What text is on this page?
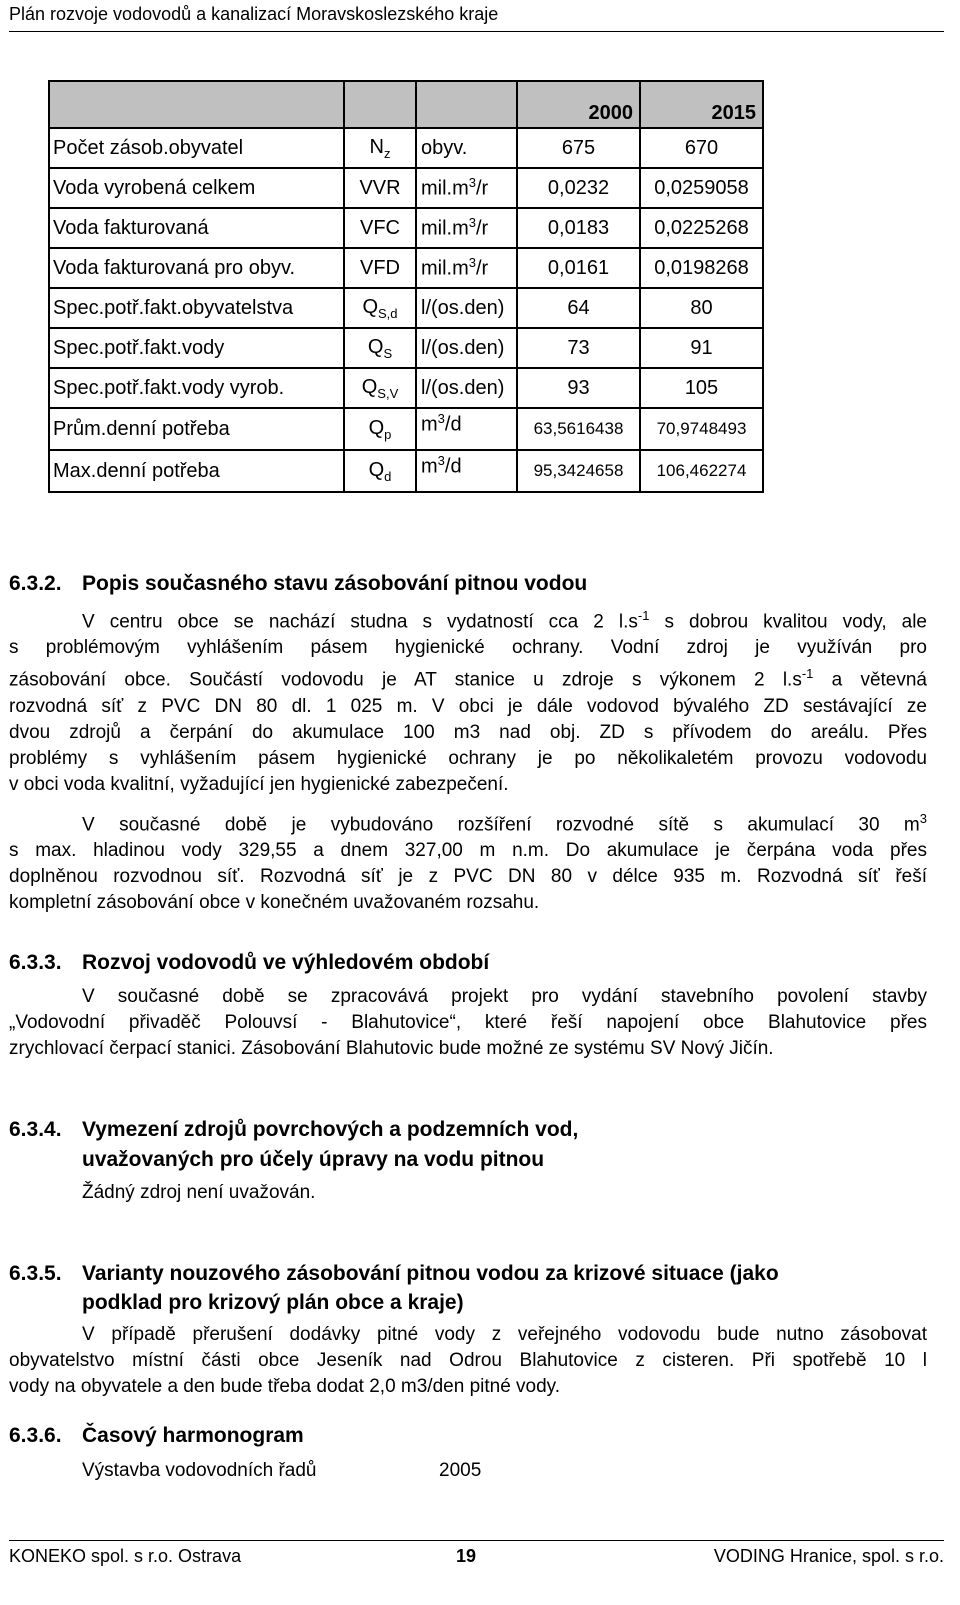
Plán rozvoje vodovodů a kanalizací Moravskoslezského kraje
			2000	2015
Počet zásob.obyvatel	$N_z$	obyv.	675	670
Voda vyrobená celkem	VVR	$mil.m^3/r$	0,0232	0,0259058
Voda fakturovaná	VFC	$mil.m^3/r$	0,0183	0,0225268
Voda fakturovaná pro obyv.	VFD	$mil.m^3/r$	0,0161	0,0198268
Spec.potř.fakt.obyvatelstva	$Q_{S,d}$	l/(os.den)	64	80
Spec.potř.fakt.vody	$Q_S$	l/(os.den)	73	91
Spec.potř.fakt.vody vyrob.	$Q_{S,V}$	l/(os.den)	93	105
Prům.denní potřeba	$Q_p$	$m^3/d$	63,5616438	70,9748493
Max.denní potřeba	$Q_d$	$m^3/d$	95,3424658	106,462274
6.3.2. Popis současného stavu zásobování pitnou vodou
V centru obce se nachází studna s vydatností cca 2 $l.s^{-1}$ s dobrou kvalitou vody, ale
s problémovým vyhlášením pásem hygienické ochrany. Vodní zdroj je využíván pro
zásobování obce. Součástí vodovodu je AT stanice u zdroje s výkonem 2 $l.s^{-1}$ a větevná
rozvodná síť z PVC DN 80 dl. 1 025 m. V obci je dále vodovod bývalého ZD sestávající ze
dvou zdrojů a čerpání do akumulace 100 m3 nad obj. ZD s přívodem do areálu. Přes
problémy s vyhlášením pásem hygienické ochrany je po několikaletém provozu vodovodu
v obci voda kvalitní, vyžadující jen hygienické zabezpečení.
V současné době je vybudováno rozšíření rozvodné sítě s akumulací 30 $m^3$
s max. hladinou vody 329,55 a dnem 327,00 m n.m. Do akumulace je čerpána voda přes
doplněnou rozvodnou síť. Rozvodná síť je z PVC DN 80 v délce 935 m. Rozvodná síť řeší
kompletní zásobování obce v konečném uvažovaném rozsahu.
6.3.3. Rozvoj vodovodů ve výhledovém období
V současné době se zpracovává projekt pro vydání stavebního povolení stavby
„Vodovodní přivaděč Polouvsí - Blahutovice“, které řeší napojení obce Blahutovice přes
zrychlovací čerpací stanici. Zásobování Blahutovic bude možné ze systému SV Nový Jičín.
6.3.4. Vymezení zdrojů povrchových a podzemních vod,
uvažovaných pro účely úpravy na vodu pitnou
Žádný zdroj není uvažován.
6.3.5. Varianty nouzového zásobování pitnou vodou za krizové situace (jako
podklad pro krizový plán obce a kraje)
V případě přerušení dodávky pitné vody z veřejného vodovodu bude nutno zásobovat
obyvatelstvo místní části obce Jeseník nad Odrou Blahutovice z cisteren. Při spotřebě 10 l
vody na obyvatele a den bude třeba dodat 2,0 m3/den pitné vody.
6.3.6. Časový harmonogram
Výstavba vodovodních řadů	2005
KONEKO spol. s r.o. Ostrava	19	VODING Hranice, spol. s r.o.
